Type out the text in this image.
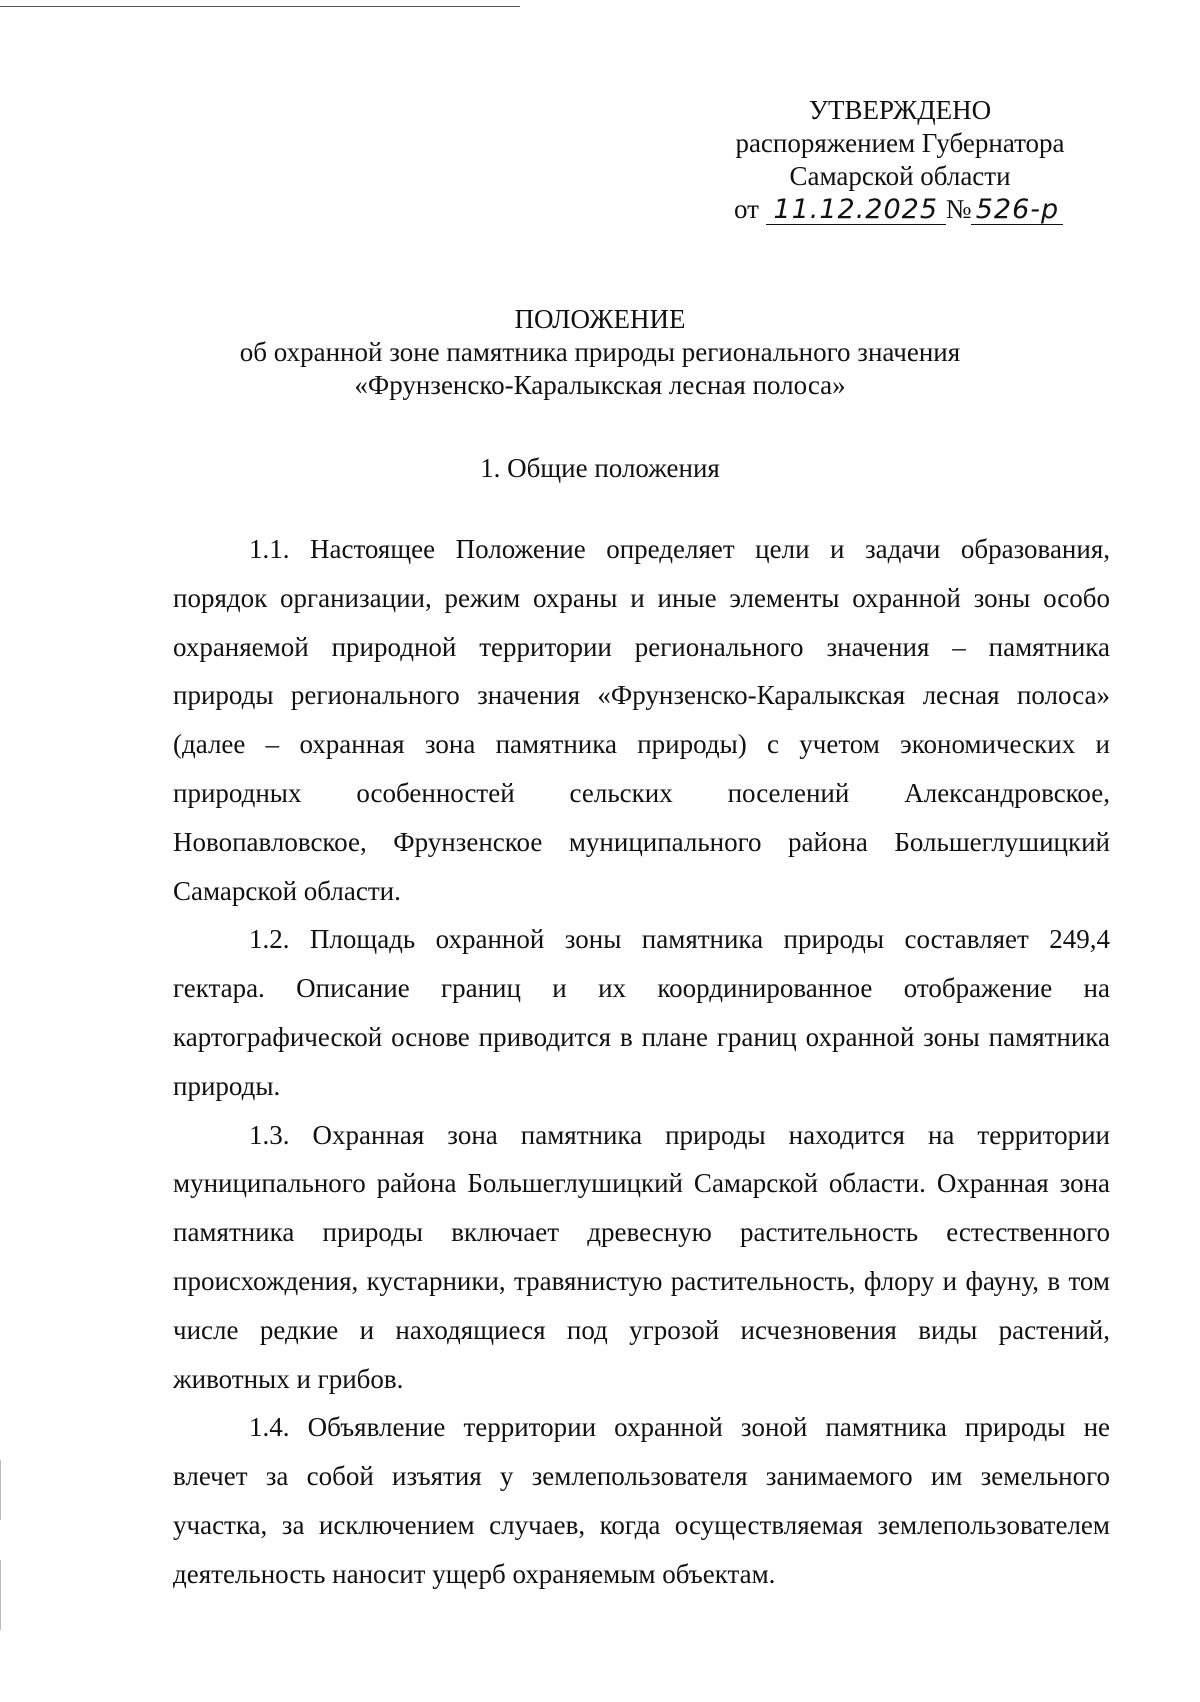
УТВЕРЖДЕНО
распоряжением Губернатора
Самарской области
от 11.12.2025 № 526-р
ПОЛОЖЕНИЕ
об охранной зоне памятника природы регионального значения
«Фрунзенско-Каралыкская лесная полоса»
1. Общие положения

1.1. Настоящее Положение определяет цели и задачи образования, порядок организации, режим охраны и иные элементы охранной зоны особо охраняемой природной территории регионального значения – памятника природы регионального значения «Фрунзенско-Каралыкская лесная полоса» (далее – охранная зона памятника природы) с учетом экономических и природных особенностей сельских поселений Александровское, Новопавловское, Фрунзенское муниципального района Большеглушицкий Самарской области.

1.2. Площадь охранной зоны памятника природы составляет 249,4 гектара. Описание границ и их координированное отображение на картографической основе приводится в плане границ охранной зоны памятника природы.

1.3. Охранная зона памятника природы находится на территории муниципального района Большеглушицкий Самарской области. Охранная зона памятника природы включает древесную растительность естественного происхождения, кустарники, травянистую растительность, флору и фауну, в том числе редкие и находящиеся под угрозой исчезновения виды растений, животных и грибов.

1.4. Объявление территории охранной зоной памятника природы не влечет за собой изъятия у землепользователя занимаемого им земельного участка, за исключением случаев, когда осуществляемая землепользователем деятельность наносит ущерб охраняемым объектам.
